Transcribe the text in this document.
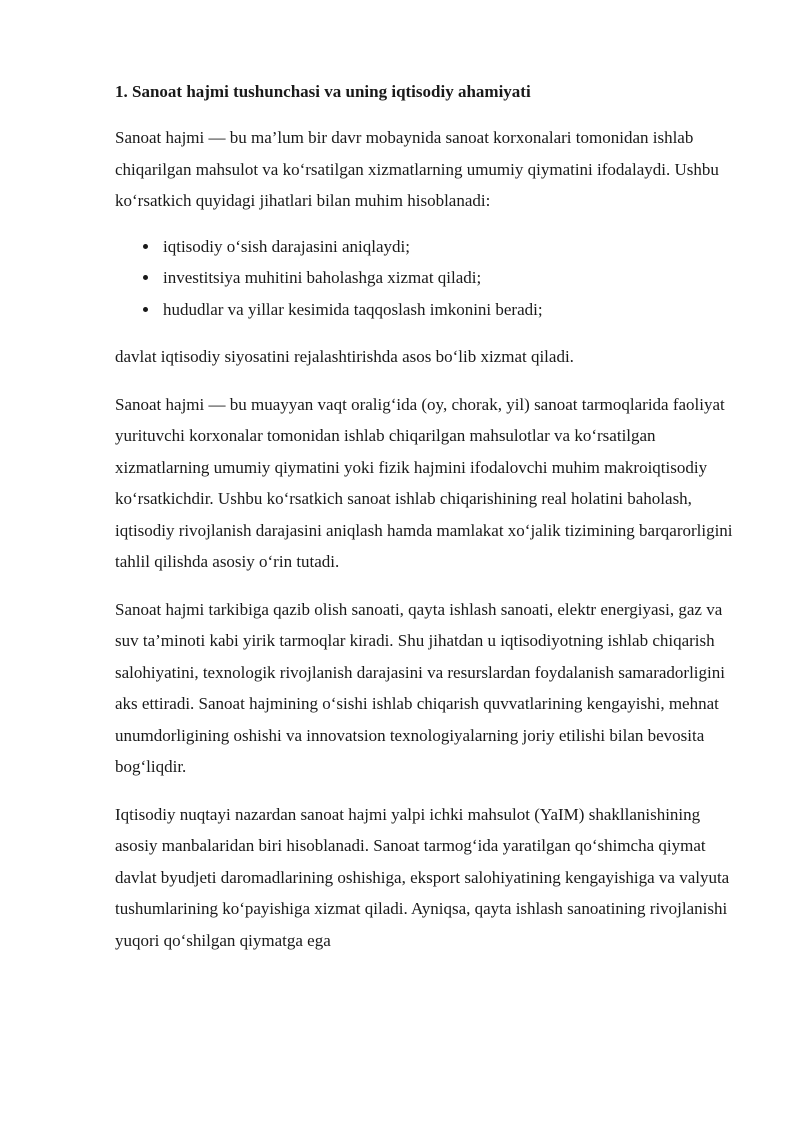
1. Sanoat hajmi tushunchasi va uning iqtisodiy ahamiyati

Sanoat hajmi — bu ma’lum bir davr mobaynida sanoat korxonalari tomonidan ishlab chiqarilgan mahsulot va ko‘rsatilgan xizmatlarning umumiy qiymatini ifodalaydi. Ushbu ko‘rsatkich quyidagi jihatlari bilan muhim hisoblanadi:

iqtisodiy o‘sish darajasini aniqlaydi;
investitsiya muhitini baholashga xizmat qiladi;
hududlar va yillar kesimida taqqoslash imkonini beradi;

davlat iqtisodiy siyosatini rejalashtirishda asos bo‘lib xizmat qiladi.

Sanoat hajmi — bu muayyan vaqt oralig‘ida (oy, chorak, yil) sanoat tarmoqlarida faoliyat yurituvchi korxonalar tomonidan ishlab chiqarilgan mahsulotlar va ko‘rsatilgan xizmatlarning umumiy qiymatini yoki fizik hajmini ifodalovchi muhim makroiqtisodiy ko‘rsatkichdir. Ushbu ko‘rsatkich sanoat ishlab chiqarishining real holatini baholash, iqtisodiy rivojlanish darajasini aniqlash hamda mamlakat xo‘jalik tizimining barqarorligini tahlil qilishda asosiy o‘rin tutadi.

Sanoat hajmi tarkibiga qazib olish sanoati, qayta ishlash sanoati, elektr energiyasi, gaz va suv ta’minoti kabi yirik tarmoqlar kiradi. Shu jihatdan u iqtisodiyotning ishlab chiqarish salohiyatini, texnologik rivojlanish darajasini va resurslardan foydalanish samaradorligini aks ettiradi. Sanoat hajmining o‘sishi ishlab chiqarish quvvatlarining kengayishi, mehnat unumdorligining oshishi va innovatsion texnologiyalarning joriy etilishi bilan bevosita bog‘liqdir.

Iqtisodiy nuqtayi nazardan sanoat hajmi yalpi ichki mahsulot (YaIM) shakllanishining asosiy manbalaridan biri hisoblanadi. Sanoat tarmog‘ida yaratilgan qo‘shimcha qiymat davlat byudjeti daromadlarining oshishiga, eksport salohiyatining kengayishiga va valyuta tushumlarining ko‘payishiga xizmat qiladi. Ayniqsa, qayta ishlash sanoatining rivojlanishi yuqori qo‘shilgan qiymatga ega
